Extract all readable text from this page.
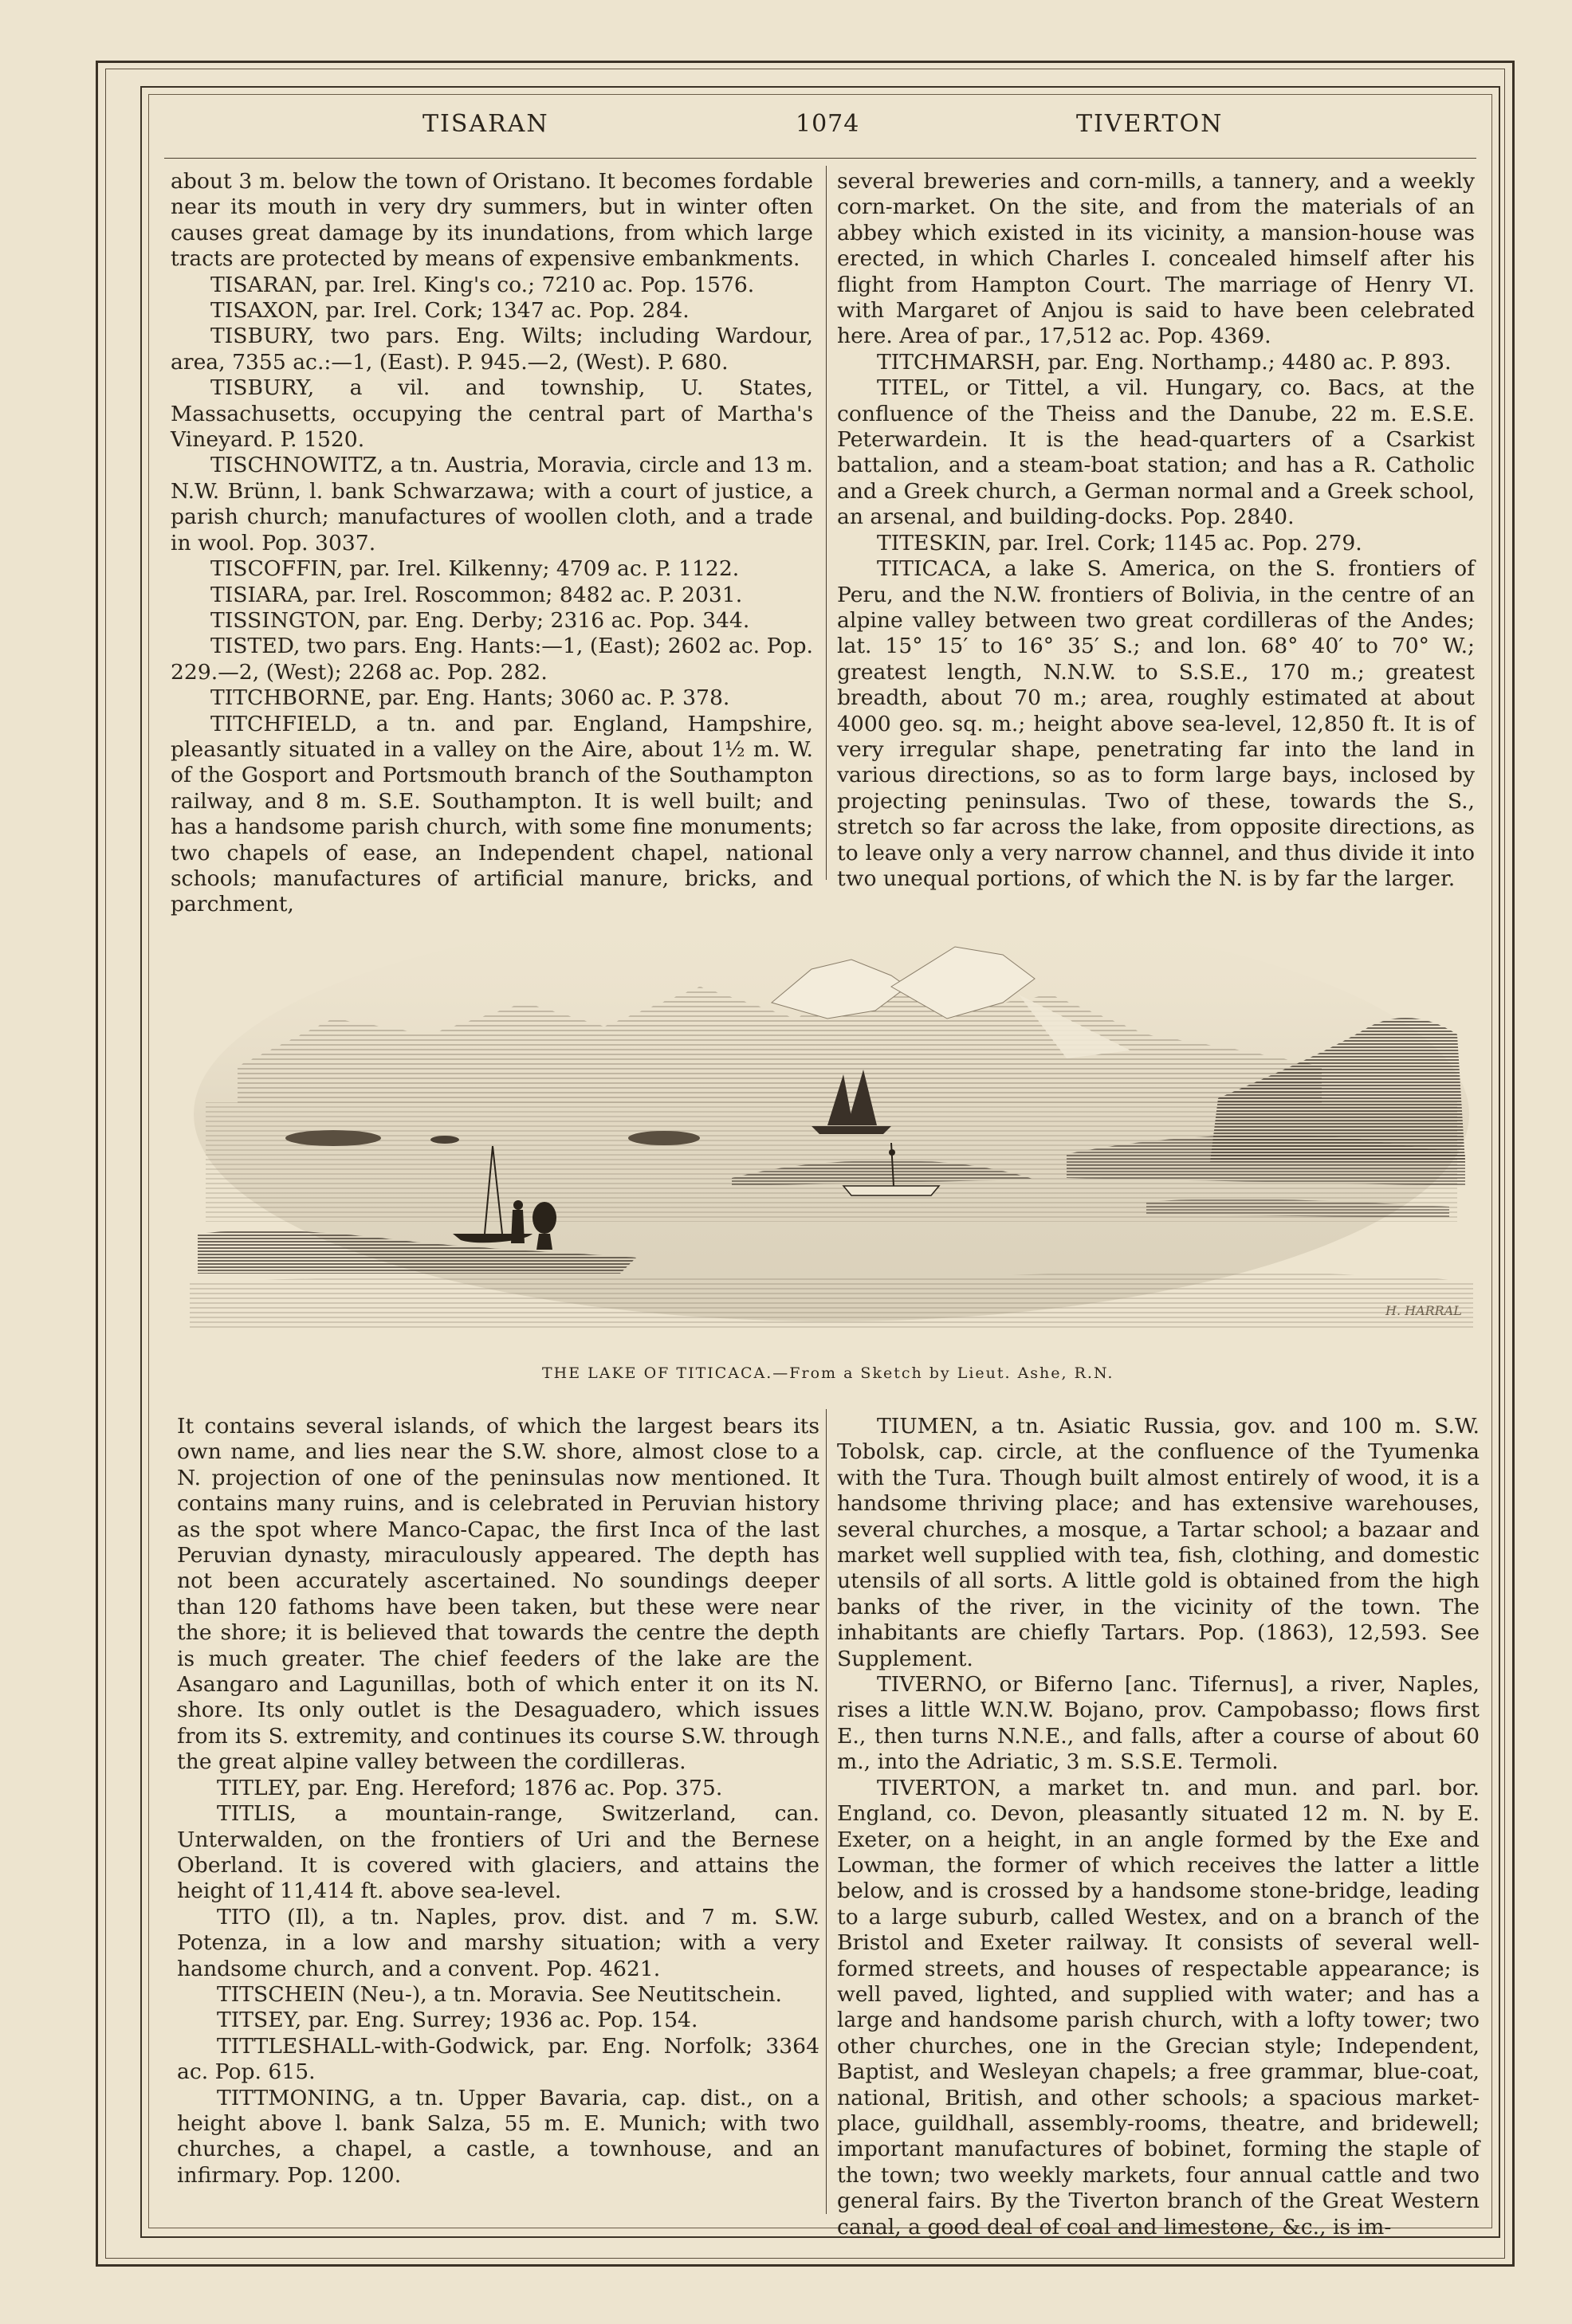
TISARAN	1074	TIVERTON

about 3 m. below the town of Oristano. It becomes fordable near its mouth in very dry summers, but in winter often causes great damage by its inundations, from which large tracts are protected by means of expensive embankments.

TISARAN, par. Irel. King's co.; 7210 ac. Pop. 1576.

TISAXON, par. Irel. Cork; 1347 ac. Pop. 284.

TISBURY, two pars. Eng. Wilts; including Wardour, area, 7355 ac.:—1, (East). P. 945.—2, (West). P. 680.

TISBURY, a vil. and township, U. States, Massachusetts, occupying the central part of Martha's Vineyard. P. 1520.

TISCHNOWITZ, a tn. Austria, Moravia, circle and 13 m. N.W. Brünn, l. bank Schwarzawa; with a court of justice, a parish church; manufactures of woollen cloth, and a trade in wool. Pop. 3037.

TISCOFFIN, par. Irel. Kilkenny; 4709 ac. P. 1122.

TISIARA, par. Irel. Roscommon; 8482 ac. P. 2031.

TISSINGTON, par. Eng. Derby; 2316 ac. Pop. 344.

TISTED, two pars. Eng. Hants:—1, (East); 2602 ac. Pop. 229.—2, (West); 2268 ac. Pop. 282.

TITCHBORNE, par. Eng. Hants; 3060 ac. P. 378.

TITCHFIELD, a tn. and par. England, Hampshire, pleasantly situated in a valley on the Aire, about 1½ m. W. of the Gosport and Portsmouth branch of the Southampton railway, and 8 m. S.E. Southampton. It is well built; and has a handsome parish church, with some fine monuments; two chapels of ease, an Independent chapel, national schools; manufactures of artificial manure, bricks, and parchment,

several breweries and corn-mills, a tannery, and a weekly corn-market. On the site, and from the materials of an abbey which existed in its vicinity, a mansion-house was erected, in which Charles I. concealed himself after his flight from Hampton Court. The marriage of Henry VI. with Margaret of Anjou is said to have been celebrated here. Area of par., 17,512 ac. Pop. 4369.

TITCHMARSH, par. Eng. Northamp.; 4480 ac. P. 893.

TITEL, or Tittel, a vil. Hungary, co. Bacs, at the confluence of the Theiss and the Danube, 22 m. E.S.E. Peterwardein. It is the head-quarters of a Csarkist battalion, and a steam-boat station; and has a R. Catholic and a Greek church, a German normal and a Greek school, an arsenal, and building-docks. Pop. 2840.

TITESKIN, par. Irel. Cork; 1145 ac. Pop. 279.

TITICACA, a lake S. America, on the S. frontiers of Peru, and the N.W. frontiers of Bolivia, in the centre of an alpine valley between two great cordilleras of the Andes; lat. 15° 15′ to 16° 35′ S.; and lon. 68° 40′ to 70° W.; greatest length, N.N.W. to S.S.E., 170 m.; greatest breadth, about 70 m.; area, roughly estimated at about 4000 geo. sq. m.; height above sea-level, 12,850 ft. It is of very irregular shape, penetrating far into the land in various directions, so as to form large bays, inclosed by projecting peninsulas. Two of these, towards the S., stretch so far across the lake, from opposite directions, as to leave only a very narrow channel, and thus divide it into two unequal portions, of which the N. is by far the larger.

H. HARRAL
THE LAKE OF TITICACA.—From a Sketch by Lieut. Ashe, R.N.

It contains several islands, of which the largest bears its own name, and lies near the S.W. shore, almost close to a N. projection of one of the peninsulas now mentioned. It contains many ruins, and is celebrated in Peruvian history as the spot where Manco-Capac, the first Inca of the last Peruvian dynasty, miraculously appeared. The depth has not been accurately ascertained. No soundings deeper than 120 fathoms have been taken, but these were near the shore; it is believed that towards the centre the depth is much greater. The chief feeders of the lake are the Asangaro and Lagunillas, both of which enter it on its N. shore. Its only outlet is the Desaguadero, which issues from its S. extremity, and continues its course S.W. through the great alpine valley between the cordilleras.

TITLEY, par. Eng. Hereford; 1876 ac. Pop. 375.

TITLIS, a mountain-range, Switzerland, can. Unterwalden, on the frontiers of Uri and the Bernese Oberland. It is covered with glaciers, and attains the height of 11,414 ft. above sea-level.

TITO (Il), a tn. Naples, prov. dist. and 7 m. S.W. Potenza, in a low and marshy situation; with a very handsome church, and a convent. Pop. 4621.

TITSCHEIN (Neu-), a tn. Moravia. See Neutitschein.

TITSEY, par. Eng. Surrey; 1936 ac. Pop. 154.

TITTLESHALL-with-Godwick, par. Eng. Norfolk; 3364 ac. Pop. 615.

TITTMONING, a tn. Upper Bavaria, cap. dist., on a height above l. bank Salza, 55 m. E. Munich; with two churches, a chapel, a castle, a townhouse, and an infirmary. Pop. 1200.

TIUMEN, a tn. Asiatic Russia, gov. and 100 m. S.W. Tobolsk, cap. circle, at the confluence of the Tyumenka with the Tura. Though built almost entirely of wood, it is a handsome thriving place; and has extensive warehouses, several churches, a mosque, a Tartar school; a bazaar and market well supplied with tea, fish, clothing, and domestic utensils of all sorts. A little gold is obtained from the high banks of the river, in the vicinity of the town. The inhabitants are chiefly Tartars. Pop. (1863), 12,593. See Supplement.

TIVERNO, or Biferno [anc. Tifernus], a river, Naples, rises a little W.N.W. Bojano, prov. Campobasso; flows first E., then turns N.N.E., and falls, after a course of about 60 m., into the Adriatic, 3 m. S.S.E. Termoli.

TIVERTON, a market tn. and mun. and parl. bor. England, co. Devon, pleasantly situated 12 m. N. by E. Exeter, on a height, in an angle formed by the Exe and Lowman, the former of which receives the latter a little below, and is crossed by a handsome stone-bridge, leading to a large suburb, called Westex, and on a branch of the Bristol and Exeter railway. It consists of several well-formed streets, and houses of respectable appearance; is well paved, lighted, and supplied with water; and has a large and handsome parish church, with a lofty tower; two other churches, one in the Grecian style; Independent, Baptist, and Wesleyan chapels; a free grammar, blue-coat, national, British, and other schools; a spacious market-place, guildhall, assembly-rooms, theatre, and bridewell; important manufactures of bobinet, forming the staple of the town; two weekly markets, four annual cattle and two general fairs. By the Tiverton branch of the Great Western canal, a good deal of coal and limestone, &c., is im-
